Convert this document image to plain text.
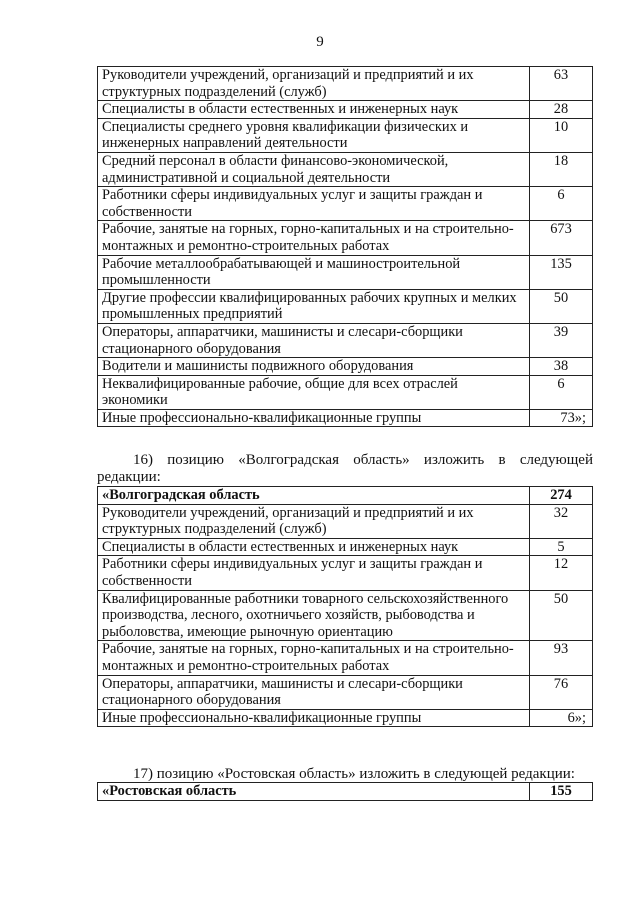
9
Руководители учреждений, организаций и предприятий и их структурных подразделений (служб)	63
Специалисты в области естественных и инженерных наук	28
Специалисты среднего уровня квалификации физических и инженерных направлений деятельности	10
Средний персонал в области финансово-экономической, административной и социальной деятельности	18
Работники сферы индивидуальных услуг и защиты граждан и собственности	6
Рабочие, занятые на горных, горно-капитальных и на строительно-монтажных и ремонтно-строительных работах	673
Рабочие металлообрабатывающей и машиностроительной промышленности	135
Другие профессии квалифицированных рабочих крупных и мелких промышленных предприятий	50
Операторы, аппаратчики, машинисты и слесари-сборщики стационарного оборудования	39
Водители и машинисты подвижного оборудования	38
Неквалифицированные рабочие, общие для всех отраслей экономики	6
Иные профессионально-квалификационные группы	73»;
16) позицию «Волгоградская область» изложить в следующей
редакции:
«Волгоградская область	274
Руководители учреждений, организаций и предприятий и их структурных подразделений (служб)	32
Специалисты в области естественных и инженерных наук	5
Работники сферы индивидуальных услуг и защиты граждан и собственности	12
Квалифицированные работники товарного сельскохозяйственного производства, лесного, охотничьего хозяйств, рыбоводства и рыболовства, имеющие рыночную ориентацию	50
Рабочие, занятые на горных, горно-капитальных и на строительно-монтажных и ремонтно-строительных работах	93
Операторы, аппаратчики, машинисты и слесари-сборщики стационарного оборудования	76
Иные профессионально-квалификационные группы	6»;
17) позицию «Ростовская область» изложить в следующей редакции:
«Ростовская область	155
